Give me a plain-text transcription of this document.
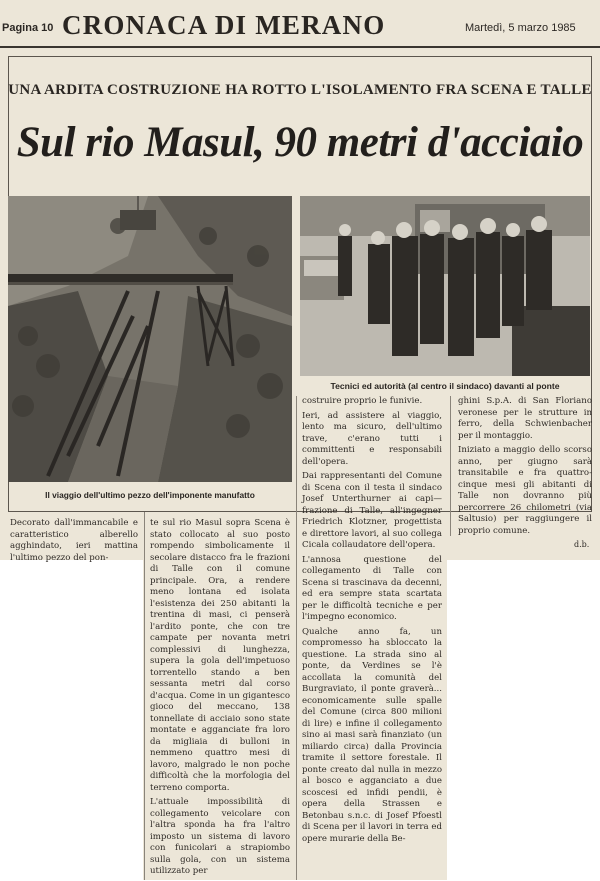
Pagina 10 CRONACA DI MERANO	Martedì, 5 marzo 1985
UNA ARDITA COSTRUZIONE HA ROTTO L'ISOLAMENTO FRA SCENA E TALLE
Sul rio Masul, 90 metri d'acciaio
Il viaggio dell'ultimo pezzo dell'imponente manufatto
Tecnici ed autorità (al centro il sindaco) davanti al ponte

Decorato dall'immancabile e caratteristico alberello agghindato, ieri mattina l'ultimo pezzo del pon-

te sul rio Masul sopra Scena è stato collocato al suo posto rompendo simbolicamente il secolare distacco fra le frazioni di Talle con il comune principale. Ora, a rendere meno lontana ed isolata l'esistenza dei 250 abitanti la trentina di masi, ci penserà l'ardito ponte, che con tre campate per novanta metri complessivi di lunghezza, supera la gola dell'impetuoso torrentello stando a ben sessanta metri dal corso d'acqua. Come in un gigantesco gioco del meccano, 138 tonnellate di acciaio sono state montate e agganciate fra loro da migliaia di bulloni in nemmeno quattro mesi di lavoro, malgrado le non poche difficoltà che la morfologia del terreno comporta.

L'attuale impossibilità di collegamento veicolare con l'altra sponda ha fra l'altro imposto un sistema di lavoro con funicolari a strapiombo sulla gola, con un sistema utilizzato per

costruire proprio le funivie.

Ieri, ad assistere al viaggio, lento ma sicuro, dell'ultimo trave, c'erano tutti i committenti e responsabili dell'opera.

Dai rappresentanti del Comune di Scena con il testa il sindaco Josef Unterthurner ai capi—frazione di Talle, all'ingegner Friedrich Klotzner, progettista e direttore lavori, al suo collega Cicala collaudatore dell'opera.

L'annosa questione del collegamento di Talle con Scena si trascinava da decenni, ed era sempre stata scartata per le difficoltà tecniche e per l'impegno economico.

Qualche anno fa, un compromesso ha sbloccato la questione. La strada sino al ponte, da Verdines se l'è accollata la comunità del Burgraviato, il ponte graverà... economicamente sulle spalle del Comune (circa 800 milioni di lire) e infine il collegamento sino ai masi sarà finanziato (un miliardo circa) dalla Provincia tramite il settore forestale. Il ponte creato dal nulla in mezzo al bosco e agganciato a due scoscesi ed infidi pendii, è opera della Strassen e Betonbau s.n.c. di Josef Pfoestl di Scena per il lavori in terra ed opere murarie della Be-

ghini S.p.A. di San Floriano veronese per le strutture in ferro, della Schwienbacher per il montaggio.

Iniziato a maggio dello scorso anno, per giugno sarà transitabile e fra quattro-cinque mesi gli abitanti di Talle non dovranno più percorrere 26 chilometri (via Saltusio) per raggiungere il proprio comune.

d.b.
